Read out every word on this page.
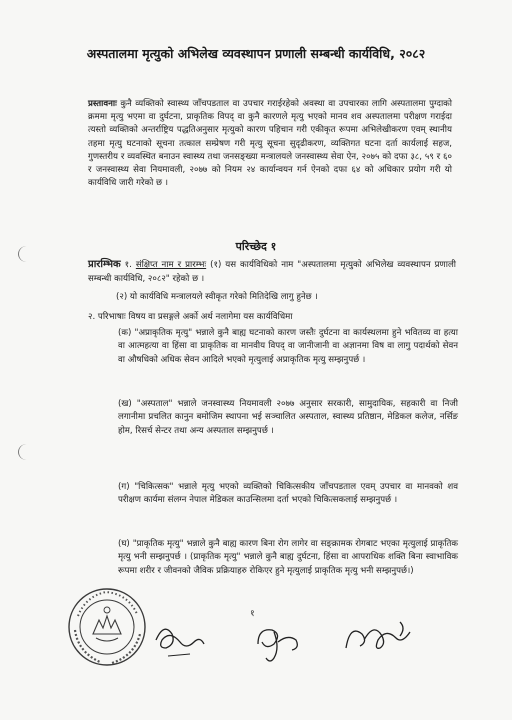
अस्पतालमा मृत्युको अभिलेख व्यवस्थापन प्रणाली सम्बन्धी कार्यविधि, २०८२
प्रस्तावनाः कुनै व्यक्तिको स्वास्थ्य जाँचपडताल वा उपचार गराईरहेको अवस्था वा उपचारका लागि अस्पतालमा पुग्दाको क्रममा मृत्यु भएमा वा दुर्घटना, प्राकृतिक विपद् वा कुनै कारणले मृत्यु भएको मानव शव अस्पतालमा परीक्षण गराईदा त्यस्तो व्यक्तिको अन्तर्राष्ट्रिय पद्धतिअनुसार मृत्युको कारण पहिचान गरी एकीकृत रूपमा अभिलेखीकरण एवम् स्थानीय तहमा मृत्यु घटनाको सूचना तत्काल सम्प्रेषण गरी मृत्यु सूचना सुदृढीकरण, व्यक्तिगत घटना दर्ता कार्यलाई सहज, गुणस्तरीय र व्यवस्थित बनाउन स्वास्थ्य तथा जनसङ्ख्या मन्त्रालयले जनस्वास्थ्य सेवा ऐन, २०७५ को दफा ३८, ५९ र ६० र जनस्वास्थ्य सेवा नियमावली, २०७७ को नियम २४ कार्यान्वयन गर्न ऐनको दफा ६४ को अधिकार प्रयोग गरी यो कार्यविधि जारी गरेको छ ।
परिच्छेद १
प्रारम्भिक १. संक्षिप्त नाम र प्रारम्भः (१) यस कार्यविधिको नाम "अस्पतालमा मृत्युको अभिलेख व्यवस्थापन प्रणाली सम्बन्धी कार्यविधि, २०८२" रहेको छ ।
(२) यो कार्यविधि मन्त्रालयले स्वीकृत गरेको मितिदेखि लागु हुनेछ ।
२. परिभाषाः विषय वा प्रसङ्गले अर्को अर्थ नलागेमा यस कार्यविधिमा
(क) "अप्राकृतिक मृत्यु" भन्नाले कुनै बाह्य घटनाको कारण जस्तैः दुर्घटना वा कार्यस्थलमा हुने भवितव्य वा हत्या वा आत्महत्या वा हिंसा वा प्राकृतिक वा मानवीय विपद् वा जानीजानी वा अज्ञानमा विष वा लागु पदार्थको सेवन वा औषधिको अधिक सेवन आदिले भएको मृत्युलाई अप्राकृतिक मृत्यु सम्झनुपर्छ ।
(ख) "अस्पताल" भन्नाले जनस्वास्थ्य नियमावली २०७७ अनुसार सरकारी, सामुदायिक, सहकारी वा निजी लगानीमा प्रचलित कानुन बमोजिम स्थापना भई सञ्चालित अस्पताल, स्वास्थ्य प्रतिष्ठान, मेडिकल कलेज, नर्सिङ होम, रिसर्च सेन्टर तथा अन्य अस्पताल सम्झनुपर्छ ।
(ग) "चिकित्सक" भन्नाले मृत्यु भएको व्यक्तिको चिकित्सकीय जाँचपडताल एवम् उपचार वा मानवको शव परीक्षण कार्यमा संलग्न नेपाल मेडिकल काउन्सिलमा दर्ता भएको चिकित्सकलाई सम्झनुपर्छ ।
(घ) "प्राकृतिक मृत्यु" भन्नाले कुनै बाह्य कारण बिना रोग लागेर वा सङ्क्रामक रोगबाट भएका मृत्युलाई प्राकृतिक मृत्यु भनी सम्झनुपर्छ । (प्राकृतिक मृत्यु" भन्नाले कुनै बाह्य दुर्घटना, हिंसा वा आपराधिक शक्ति बिना स्वाभाविक रूपमा शरीर र जीवनको जैविक प्रक्रियाहरु रोकिएर हुने मृत्युलाई प्राकृतिक मृत्यु भनी सम्झनुपर्छ।)
१
